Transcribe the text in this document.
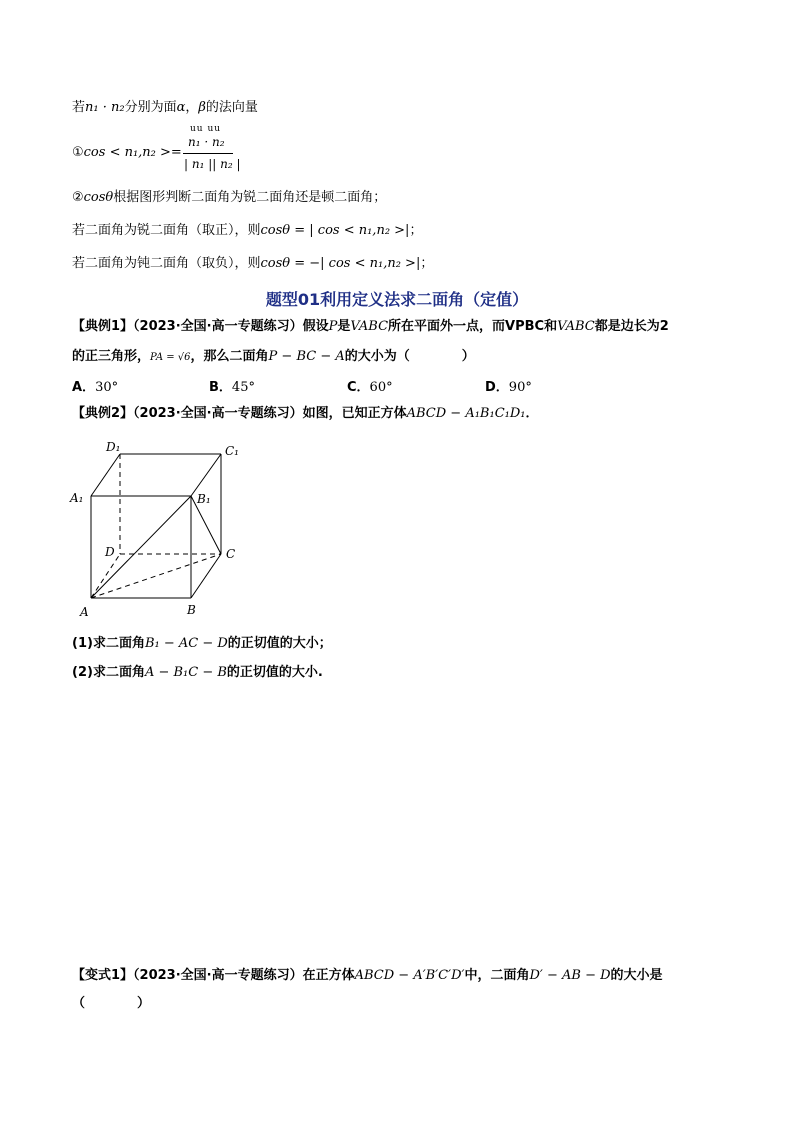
若n₁ · n₂分别为面α，β的法向量
①cos < n₁,n₂ >=
uu uu
n₁ · n₂
| n₁ || n₂ |
②cosθ根据图形判断二面角为锐二面角还是顿二面角；
若二面角为锐二面角（取正），则cosθ = | cos < n₁,n₂ >|；
若二面角为钝二面角（取负），则cosθ = −| cos < n₁,n₂ >|；
题型01利用定义法求二面角（定值）
【典例1】（2023·全国·高一专题练习）假设P是VABC所在平面外一点，而VPBC和VABC都是边长为2
的正三角形，PA = √6，那么二面角P − BC − A的大小为（　　　　）
A．30°	B．45°	C．60°	D．90°
【典例2】（2023·全国·高一专题练习）如图，已知正方体ABCD − A₁B₁C₁D₁．
D₁	C₁
A₁	B₁
D	C
A	B
(1)求二面角B₁ − AC − D的正切值的大小；
(2)求二面角A − B₁C − B的正切值的大小.
【变式1】（2023·全国·高一专题练习）在正方体ABCD − A′B′C′D′中，二面角D′ − AB − D的大小是
（　　　　）
